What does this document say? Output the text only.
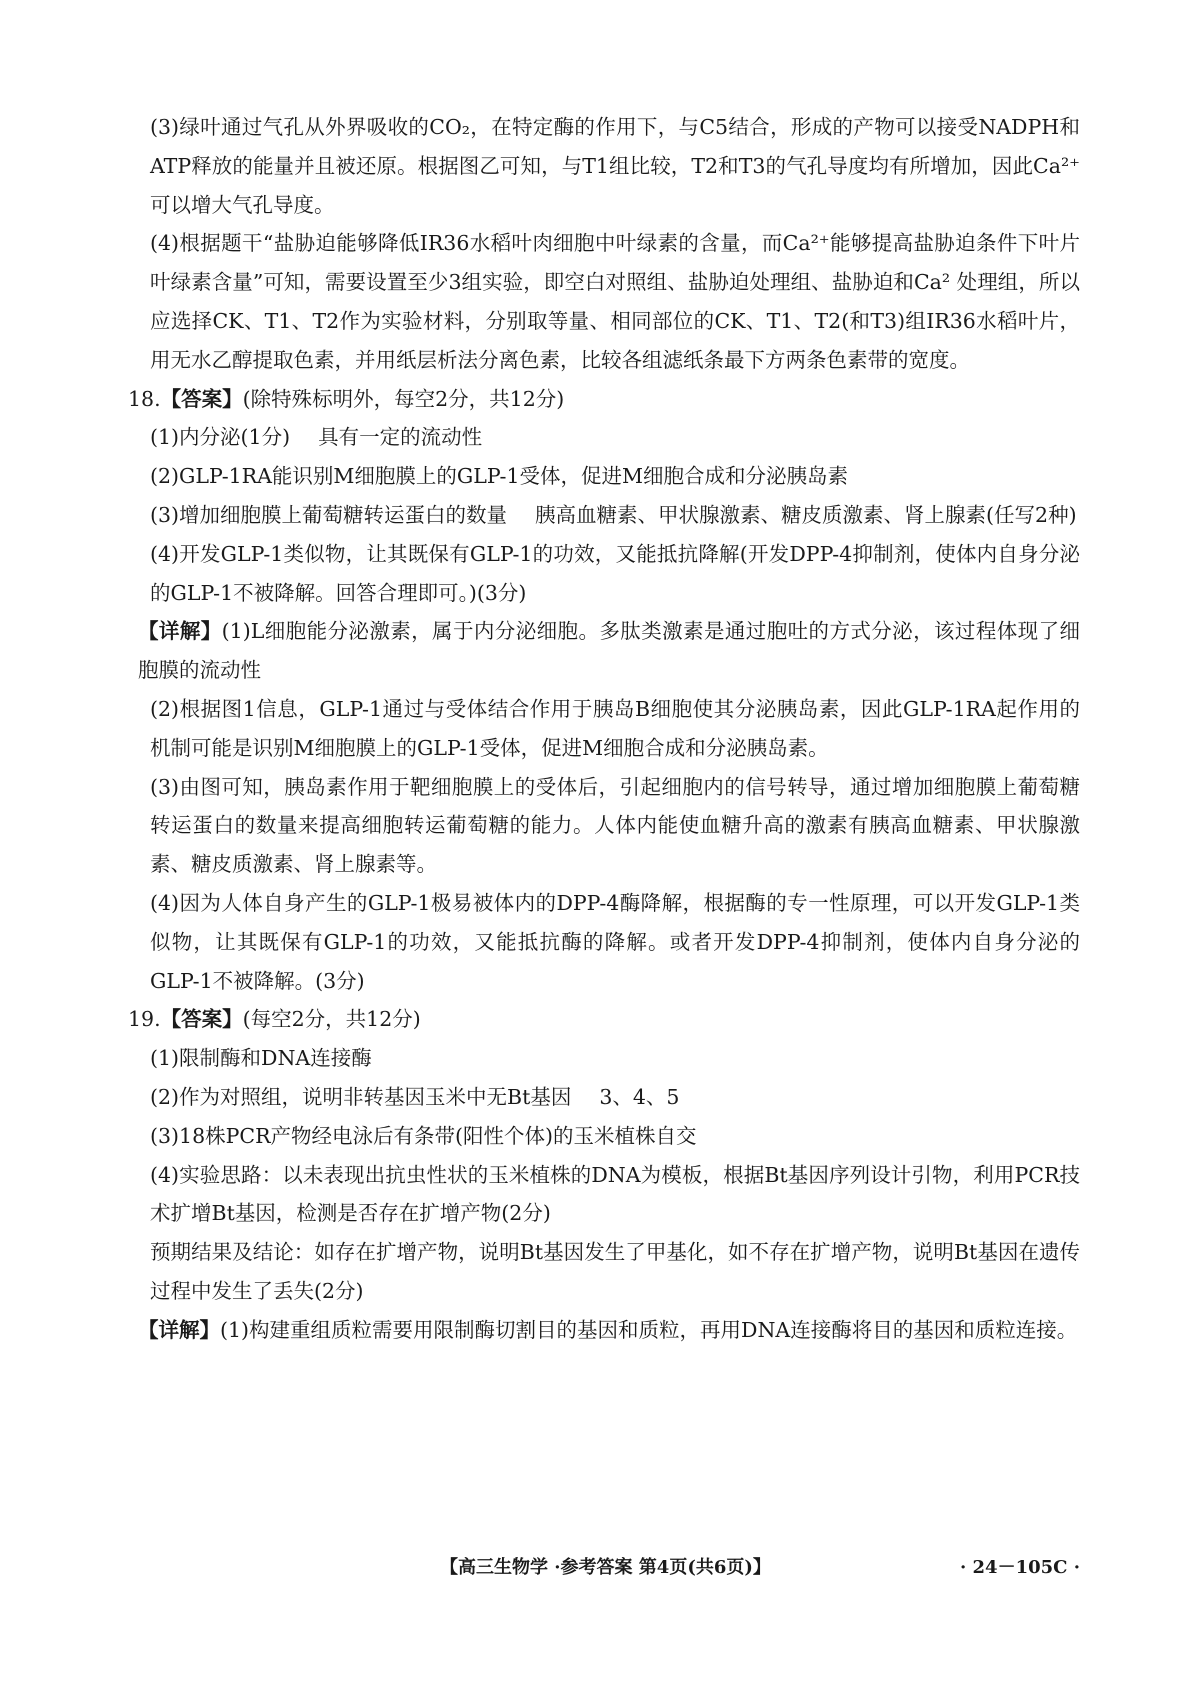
(3)绿叶通过气孔从外界吸收的CO₂，在特定酶的作用下，与C5结合，形成的产物可以接受NADPH和ATP释放的能量并且被还原。根据图乙可知，与T1组比较，T2和T3的气孔导度均有所增加，因此Ca²⁺可以增大气孔导度。

(4)根据题干“盐胁迫能够降低IR36水稻叶肉细胞中叶绿素的含量，而Ca²⁺能够提高盐胁迫条件下叶片叶绿素含量”可知，需要设置至少3组实验，即空白对照组、盐胁迫处理组、盐胁迫和Ca² 处理组，所以应选择CK、T1、T2作为实验材料，分别取等量、相同部位的CK、T1、T2(和T3)组IR36水稻叶片，用无水乙醇提取色素，并用纸层析法分离色素，比较各组滤纸条最下方两条色素带的宽度。

18.【答案】(除特殊标明外，每空2分，共12分)

(1)内分泌(1分) 具有一定的流动性

(2)GLP-1RA能识别M细胞膜上的GLP-1受体，促进M细胞合成和分泌胰岛素

(3)增加细胞膜上葡萄糖转运蛋白的数量 胰高血糖素、甲状腺激素、糖皮质激素、肾上腺素(任写2种)

(4)开发GLP-1类似物，让其既保有GLP-1的功效，又能抵抗降解(开发DPP-4抑制剂，使体内自身分泌的GLP-1不被降解。回答合理即可。)(3分)

【详解】(1)L细胞能分泌激素，属于内分泌细胞。多肽类激素是通过胞吐的方式分泌，该过程体现了细胞膜的流动性

(2)根据图1信息，GLP-1通过与受体结合作用于胰岛B细胞使其分泌胰岛素，因此GLP-1RA起作用的机制可能是识别M细胞膜上的GLP-1受体，促进M细胞合成和分泌胰岛素。

(3)由图可知，胰岛素作用于靶细胞膜上的受体后，引起细胞内的信号转导，通过增加细胞膜上葡萄糖转运蛋白的数量来提高细胞转运葡萄糖的能力。人体内能使血糖升高的激素有胰高血糖素、甲状腺激素、糖皮质激素、肾上腺素等。

(4)因为人体自身产生的GLP-1极易被体内的DPP-4酶降解，根据酶的专一性原理，可以开发GLP-1类似物，让其既保有GLP-1的功效，又能抵抗酶的降解。或者开发DPP-4抑制剂，使体内自身分泌的GLP-1不被降解。(3分)

19.【答案】(每空2分，共12分)

(1)限制酶和DNA连接酶

(2)作为对照组，说明非转基因玉米中无Bt基因 3、4、5

(3)18株PCR产物经电泳后有条带(阳性个体)的玉米植株自交

(4)实验思路：以未表现出抗虫性状的玉米植株的DNA为模板，根据Bt基因序列设计引物，利用PCR技术扩增Bt基因，检测是否存在扩增产物(2分)

预期结果及结论：如存在扩增产物，说明Bt基因发生了甲基化，如不存在扩增产物，说明Bt基因在遗传过程中发生了丢失(2分)

【详解】(1)构建重组质粒需要用限制酶切割目的基因和质粒，再用DNA连接酶将目的基因和质粒连接。

【高三生物学 ·参考答案 第4页(共6页)】	· 24－105C ·
